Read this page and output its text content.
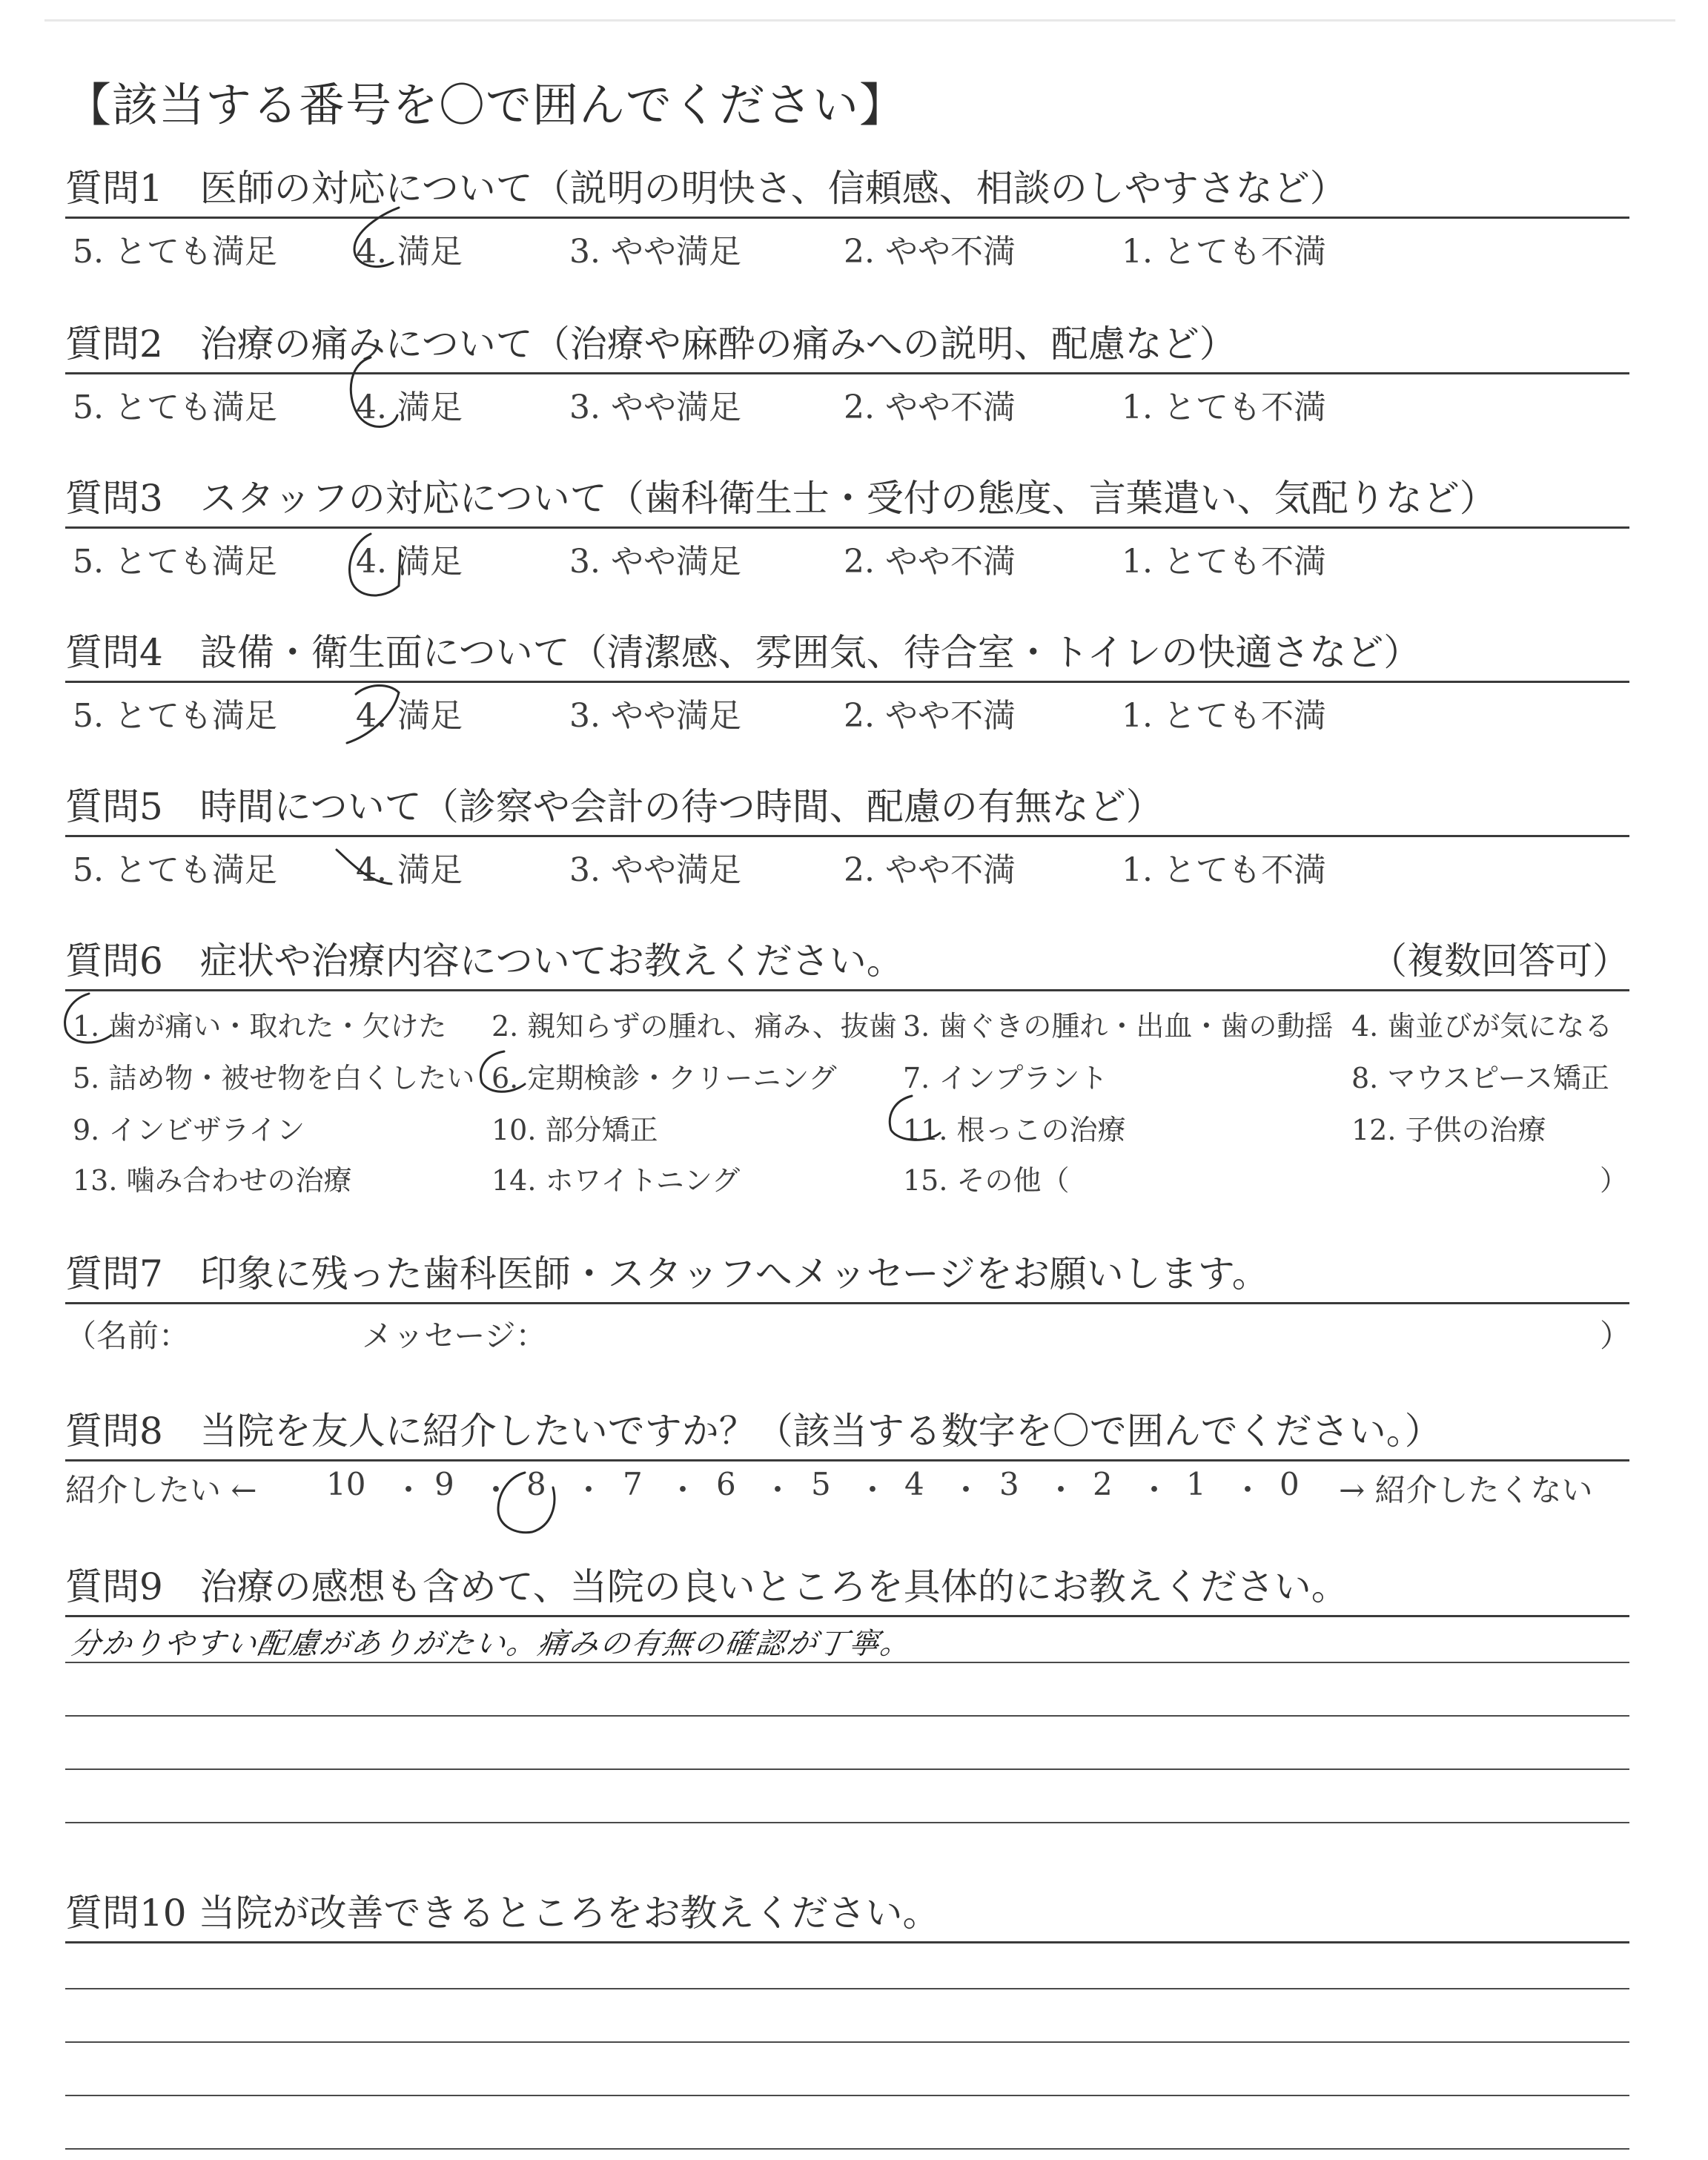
【該当する番号を〇で囲んでください】
質問1　医師の対応について（説明の明快さ、信頼感、相談のしやすさなど）
5. とても満足 4. 満足	3. やや満足	2. やや不満	1. とても不満
質問2　治療の痛みについて（治療や麻酔の痛みへの説明、配慮など）
5. とても満足 4. 満足	3. やや満足	2. やや不満	1. とても不満
質問3　スタッフの対応について（歯科衛生士・受付の態度、言葉遣い、気配りなど）
5. とても満足 4. 満足	3. やや満足	2. やや不満	1. とても不満
質問4　設備・衛生面について（清潔感、雰囲気、待合室・トイレの快適さなど）
5. とても満足 4. 満足	3. やや満足	2. やや不満	1. とても不満
質問5　時間について（診察や会計の待つ時間、配慮の有無など）
5. とても満足 4. 満足	3. やや満足	2. やや不満	1. とても不満
質問6　症状や治療内容についてお教えください。	（複数回答可）
1. 歯が痛い・取れた・欠けた 2. 親知らずの腫れ、痛み、抜歯 3. 歯ぐきの腫れ・出血・歯の動揺 4. 歯並びが気になる
5. 詰め物・被せ物を白くしたい 6. 定期検診・クリーニング 7. インプラント	8. マウスピース矯正
9. インビザライン	10. 部分矯正	11. 根っこの治療	12. 子供の治療
13. 噛み合わせの治療	14. ホワイトニング	15. その他（	）
質問7　印象に残った歯科医師・スタッフへメッセージをお願いします。
（名前：	メッセージ：	）
質問8　当院を友人に紹介したいですか？（該当する数字を〇で囲んでください。）
紹介したい ← 10 ・ 9 ・ 8 ・ 7 ・ 6 ・ 5 ・ 4 ・ 3 ・ 2 ・ 1 ・ 0 → 紹介したくない
質問9　治療の感想も含めて、当院の良いところを具体的にお教えください。
分かりやすい配慮がありがたい。痛みの有無の確認が丁寧。
質問10 当院が改善できるところをお教えください。
